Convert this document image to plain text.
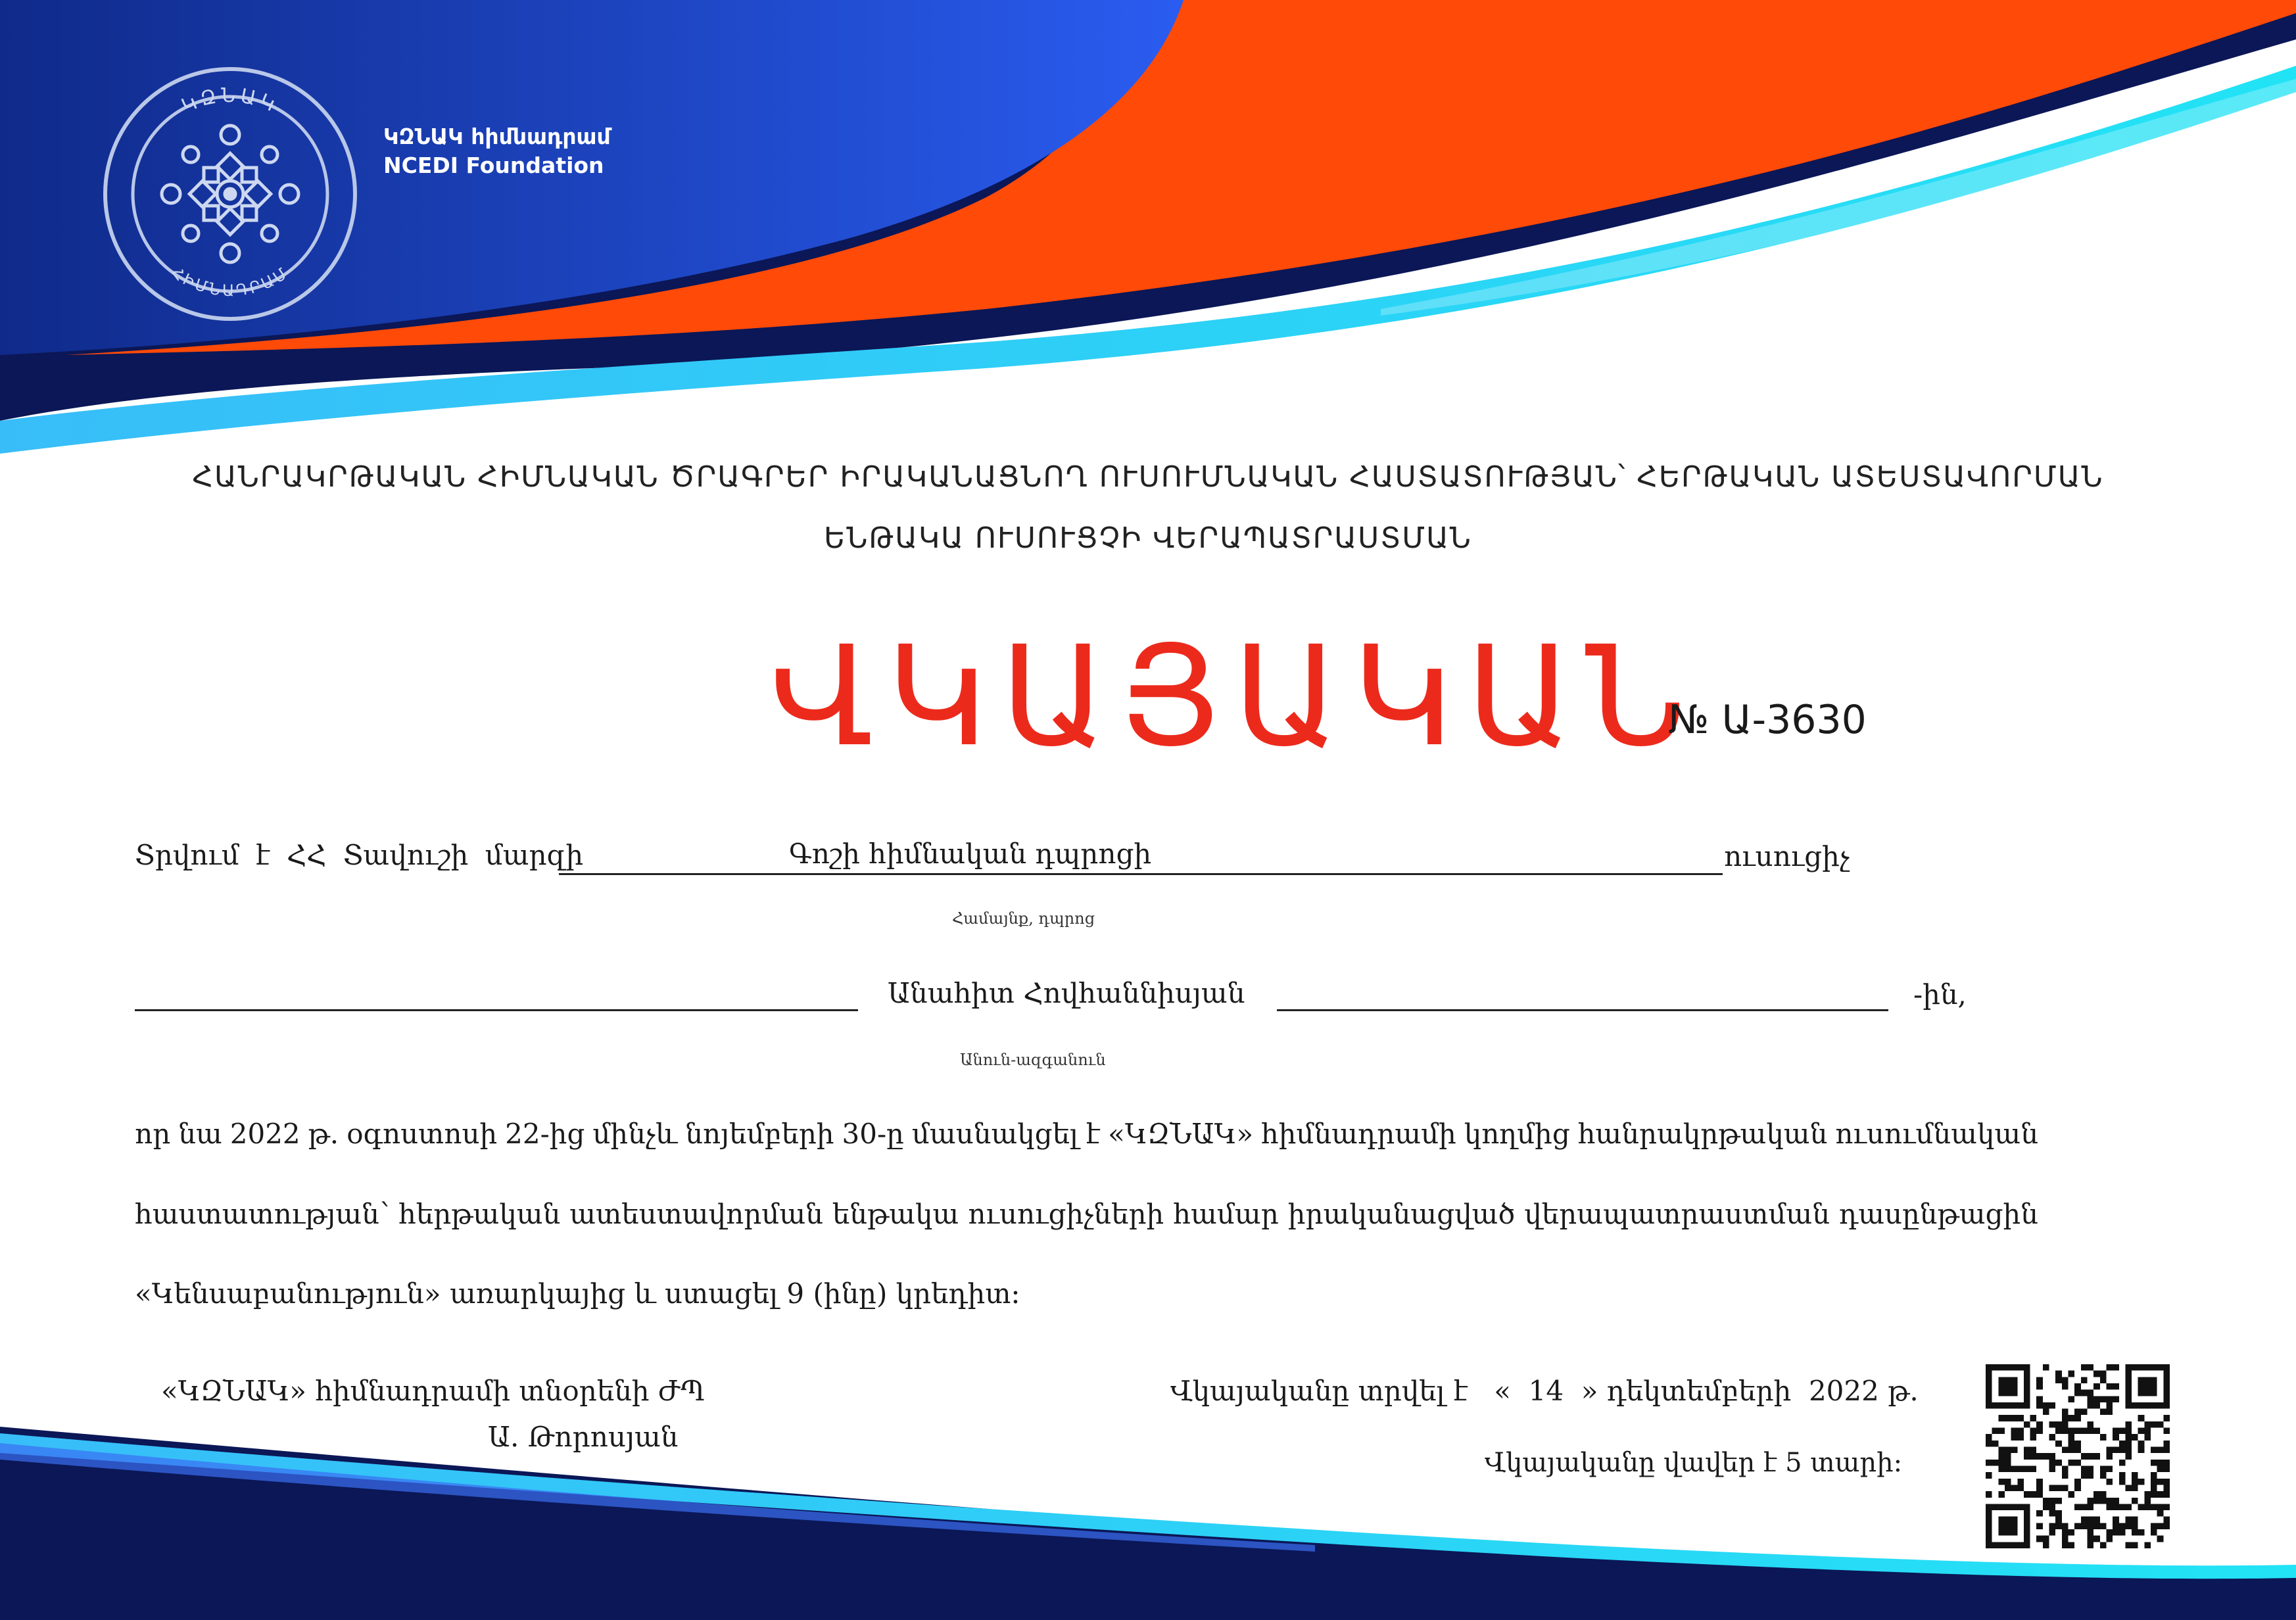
ԿԶՆԱԿ
ՀԻՄՆԱԴՐԱՄ
ԿԶՆԱԿ հիմնադրամ
NCEDI Foundation
ՀԱՆՐԱԿՐԹԱԿԱՆ ՀԻՄՆԱԿԱՆ ԾՐԱԳՐԵՐ ԻՐԱԿԱՆԱՑՆՈՂ ՈՒՍՈՒՄՆԱԿԱՆ ՀԱՍՏԱՏՈՒԹՅԱՆ՝ ՀԵՐԹԱԿԱՆ ԱՏԵՍՏԱՎՈՐՄԱՆ
ԵՆԹԱԿԱ ՈՒՍՈՒՑՉԻ ՎԵՐԱՊԱՏՐԱՍՏՄԱՆ
ՎԿԱՅԱԿԱՆ
№ Ա-3630
Տրվում է ՀՀ Տավուշի մարզի	Գոշի հիմնական դպրոցի	ուսուցիչ
Համայնք, դպրոց
Անահիտ Հովհաննիսյան	-ին,
Անուն-ազգանուն
որ նա 2022 թ. օգոստոսի 22-ից մինչև նոյեմբերի 30-ը մասնակցել է «ԿԶՆԱԿ» հիմնադրամի կողմից հանրակրթական ուսումնական
հաստատության՝ հերթական ատեստավորման ենթակա ուսուցիչների համար իրականացված վերապատրաստման դասընթացին
«Կենսաբանություն» առարկայից և ստացել 9 (ինը) կրեդիտ։
«ԿԶՆԱԿ» հիմնադրամի տնօրենի ԺՊ
Ա. Թորոսյան
Վկայականը տրվել է   «  14  » դեկտեմբերի  2022 թ.
Վկայականը վավեր է 5 տարի։
